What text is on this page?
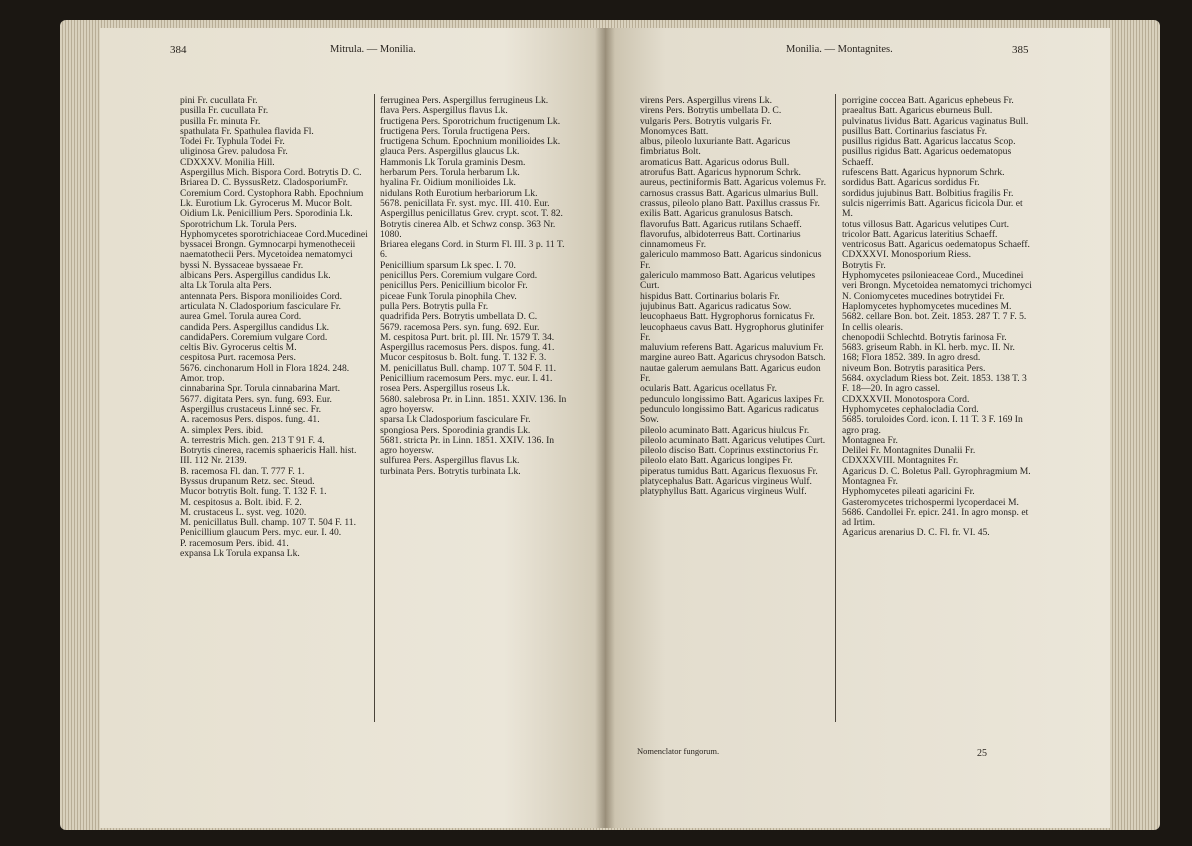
384	Mitrula. — Monilia.	Monilia. — Montagnites.	385

pini Fr. cucullata Fr.

pusilla Fr. cucullata Fr.

pusilla Fr. minuta Fr.

spathulata Fr. Spathulea flavida Fl.

Todei Fr. Typhula Todei Fr.

uliginosa Grev. paludosa Fr.

CDXXXV. Monilia Hill.

Aspergillus Mich. Bispora Cord. Botrytis D. C. Briarea D. C. ByssusRetz. CladosporiumFr. Coremium Cord. Cystophora Rabh. Epochnium Lk. Eurotium Lk. Gyrocerus M. Mucor Bolt. Oidium Lk. Penicillium Pers. Sporodinia Lk. Sporotrichum Lk. Torula Pers.

Hyphomycetes sporotrichiaceae Cord.Mucedinei byssacei Brongn. Gymnocarpi hymenotheceii naematothecii Pers. Mycetoidea nematomyci byssi N. Byssaceae byssaeae Fr.

albicans Pers. Aspergillus candidus Lk.

alta Lk Torula alta Pers.

antennata Pers. Bispora monilioides Cord.

articulata N. Cladosporium fasciculare Fr.

aurea Gmel. Torula aurea Cord.

candida Pers. Aspergillus candidus Lk.

candidaPers. Coremium vulgare Cord.

celtis Biv. Gyrocerus celtis M.

cespitosa Purt. racemosa Pers.

5676. cinchonarum Holl in Flora 1824. 248. Amor. trop.

cinnabarina Spr. Torula cinnabarina Mart.

5677. digitata Pers. syn. fung. 693. Eur.

Aspergillus crustaceus Linné sec. Fr.

A. racemosus Pers. dispos. fung. 41.

A. simplex Pers. ibid.

A. terrestris Mich. gen. 213 T 91 F. 4.

Botrytis cinerea, racemis sphaericis Hall. hist. III. 112 Nr. 2139.

B. racemosa Fl. dan. T. 777 F. 1.

Byssus drupanum Retz. sec. Steud.

Mucor botrytis Bolt. fung. T. 132 F. 1.

M. cespitosus a. Bolt. ibid. F. 2.

M. crustaceus L. syst. veg. 1020.

M. penicillatus Bull. champ. 107 T. 504 F. 11.

Penicillium glaucum Pers. myc. eur. I. 40.

P. racemosum Pers. ibid. 41.

expansa Lk Torula expansa Lk.

ferruginea Pers. Aspergillus ferrugineus Lk.

flava Pers. Aspergillus flavus Lk.

fructigena Pers. Sporotrichum fructigenum Lk.

fructigena Pers. Torula fructigena Pers.

fructigena Schum. Epochnium monilioides Lk.

glauca Pers. Aspergillus glaucus Lk.

Hammonis Lk Torula graminis Desm.

herbarum Pers. Torula herbarum Lk.

hyalina Fr. Oidium monilioides Lk.

nidulans Roth Eurotium herbariorum Lk.

5678. penicillata Fr. syst. myc. III. 410. Eur.

Aspergillus penicillatus Grev. crypt. scot. T. 82.

Botrytis cinerea Alb. et Schwz consp. 363 Nr. 1080.

Briarea elegans Cord. in Sturm Fl. III. 3 p. 11 T. 6.

Penicillium sparsum Lk spec. I. 70.

penicillus Pers. Coremium vulgare Cord.

penicillus Pers. Penicillium bicolor Fr.

piceae Funk Torula pinophila Chev.

pulla Pers. Botrytis pulla Fr.

quadrifida Pers. Botrytis umbellata D. C.

5679. racemosa Pers. syn. fung. 692. Eur.

M. cespitosa Purt. brit. pl. III. Nr. 1579 T. 34.

Aspergillus racemosus Pers. dispos. fung. 41.

Mucor cespitosus b. Bolt. fung. T. 132 F. 3.

M. penicillatus Bull. champ. 107 T. 504 F. 11.

Penicillium racemosum Pers. myc. eur. I. 41.

rosea Pers. Aspergillus roseus Lk.

5680. salebrosa Pr. in Linn. 1851. XXIV. 136. In agro hoyersw.

sparsa Lk Cladosporium fasciculare Fr.

spongiosa Pers. Sporodinia grandis Lk.

5681. stricta Pr. in Linn. 1851. XXIV. 136. In agro hoyersw.

sulfurea Pers. Aspergillus flavus Lk.

turbinata Pers. Botrytis turbinata Lk.

virens Pers. Aspergillus virens Lk.

virens Pers. Botrytis umbellata D. C.

vulgaris Pers. Botrytis vulgaris Fr.

Monomyces Batt.

albus, pileolo luxuriante Batt. Agaricus fimbriatus Bolt.

aromaticus Batt. Agaricus odorus Bull.

atrorufus Batt. Agaricus hypnorum Schrk.

aureus, pectiniformis Batt. Agaricus volemus Fr.

carnosus crassus Batt. Agaricus ulmarius Bull.

crassus, pileolo plano Batt. Paxillus crassus Fr.

exilis Batt. Agaricus granulosus Batsch.

flavorufus Batt. Agaricus rutilans Schaeff.

flavorufus, albidoterreus Batt. Cortinarius cinnamomeus Fr.

galericulo mammoso Batt. Agaricus sindonicus Fr.

galericulo mammoso Batt. Agaricus velutipes Curt.

hispidus Batt. Cortinarius bolaris Fr.

jujubinus Batt. Agaricus radicatus Sow.

leucophaeus Batt. Hygrophorus fornicatus Fr.

leucophaeus cavus Batt. Hygrophorus glutinifer Fr.

maluvium referens Batt. Agaricus maluvium Fr.

margine aureo Batt. Agaricus chrysodon Batsch.

nautae galerum aemulans Batt. Agaricus eudon Fr.

ocularis Batt. Agaricus ocellatus Fr.

pedunculo longissimo Batt. Agaricus laxipes Fr.

pedunculo longissimo Batt. Agaricus radicatus Sow.

pileolo acuminato Batt. Agaricus hiulcus Fr.

pileolo acuminato Batt. Agaricus velutipes Curt.

pileolo disciso Batt. Coprinus exstinctorius Fr.

pileolo elato Batt. Agaricus longipes Fr.

piperatus tumidus Batt. Agaricus flexuosus Fr.

platycephalus Batt. Agaricus virgineus Wulf.

platyphyllus Batt. Agaricus virgineus Wulf.

porrigine coccea Batt. Agaricus ephebeus Fr.

praealtus Batt. Agaricus eburneus Bull.

pulvinatus lividus Batt. Agaricus vaginatus Bull.

pusillus Batt. Cortinarius fasciatus Fr.

pusillus rigidus Batt. Agaricus laccatus Scop.

pusillus rigidus Batt. Agaricus oedematopus Schaeff.

rufescens Batt. Agaricus hypnorum Schrk.

sordidus Batt. Agaricus sordidus Fr.

sordidus jujubinus Batt. Bolbitius fragilis Fr.

sulcis nigerrimis Batt. Agaricus ficicola Dur. et M.

totus villosus Batt. Agaricus velutipes Curt.

tricolor Batt. Agaricus lateritius Schaeff.

ventricosus Batt. Agaricus oedematopus Schaeff.

CDXXXVI. Monosporium Riess.

Botrytis Fr.

Hyphomycetes psilonieaceae Cord., Mucedinei veri Brongn. Mycetoidea nematomyci trichomyci N. Coniomycetes mucedines botrytidei Fr. Haplomycetes hyphomycetes mucedines M.

5682. cellare Bon. bot. Zeit. 1853. 287 T. 7 F. 5. In cellis olearis.

chenopodii Schlechtd. Botrytis farinosa Fr.

5683. griseum Rabh. in Kl. herb. myc. II. Nr. 168; Flora 1852. 389. In agro dresd.

niveum Bon. Botrytis parasitica Pers.

5684. oxycladum Riess bot. Zeit. 1853. 138 T. 3 F. 18—20. In agro cassel.

CDXXXVII. Monotospora Cord.

Hyphomycetes cephalocladia Cord.

5685. toruloides Cord. icon. I. 11 T. 3 F. 169 In agro prag.

Montagnea Fr.

Delilei Fr. Montagnites Dunalii Fr.

CDXXXVIII. Montagnites Fr.

Agaricus D. C. Boletus Pall. Gyrophragmium M. Montagnea Fr.

Hyphomycetes pileati agaricini Fr. Gasteromycetes trichospermi lycoperdacei M.

5686. Candollei Fr. epicr. 241. In agro monsp. et ad Irtim.

Agaricus arenarius D. C. Fl. fr. VI. 45.

Nomenclator fungorum.	25
